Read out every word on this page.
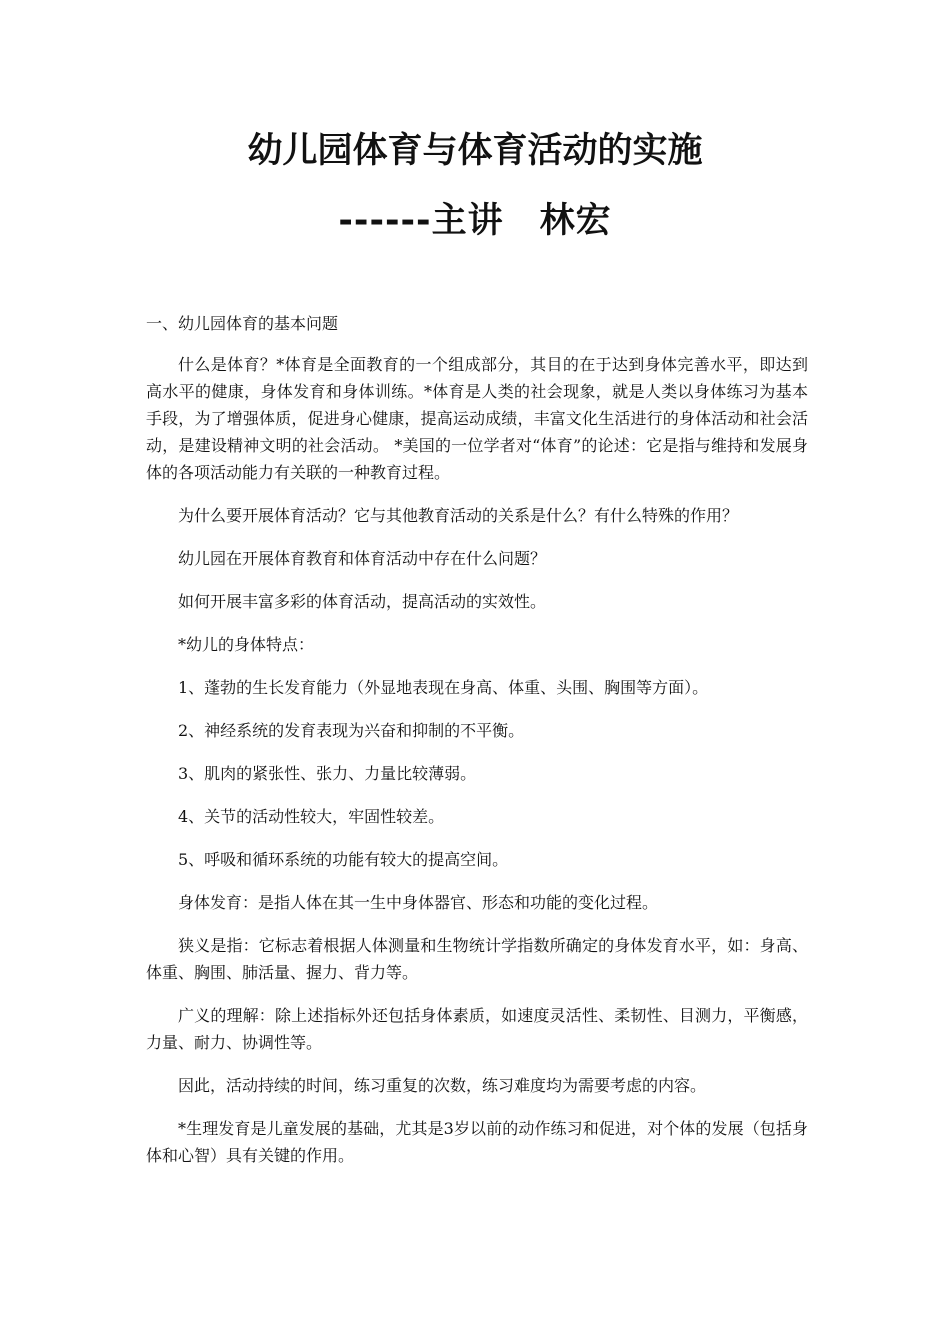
幼儿园体育与体育活动的实施
------主讲　林宏
一、幼儿园体育的基本问题

什么是体育？*体育是全面教育的一个组成部分，其目的在于达到身体完善水平，即达到高水平的健康，身体发育和身体训练。*体育是人类的社会现象，就是人类以身体练习为基本手段，为了增强体质，促进身心健康，提高运动成绩，丰富文化生活进行的身体活动和社会活动，是建设精神文明的社会活动。 *美国的一位学者对“体育”的论述：它是指与维持和发展身体的各项活动能力有关联的一种教育过程。

为什么要开展体育活动？它与其他教育活动的关系是什么？有什么特殊的作用？

幼儿园在开展体育教育和体育活动中存在什么问题？

如何开展丰富多彩的体育活动，提高活动的实效性。

*幼儿的身体特点：

1、蓬勃的生长发育能力（外显地表现在身高、体重、头围、胸围等方面）。

2、神经系统的发育表现为兴奋和抑制的不平衡。

3、肌肉的紧张性、张力、力量比较薄弱。

4、关节的活动性较大，牢固性较差。

5、呼吸和循环系统的功能有较大的提高空间。

身体发育：是指人体在其一生中身体器官、形态和功能的变化过程。

狭义是指：它标志着根据人体测量和生物统计学指数所确定的身体发育水平，如：身高、体重、胸围、肺活量、握力、背力等。

广义的理解：除上述指标外还包括身体素质，如速度灵活性、柔韧性、目测力，平衡感，力量、耐力、协调性等。

因此，活动持续的时间，练习重复的次数，练习难度均为需要考虑的内容。

*生理发育是儿童发展的基础，尤其是3岁以前的动作练习和促进，对个体的发展（包括身体和心智）具有关键的作用。
